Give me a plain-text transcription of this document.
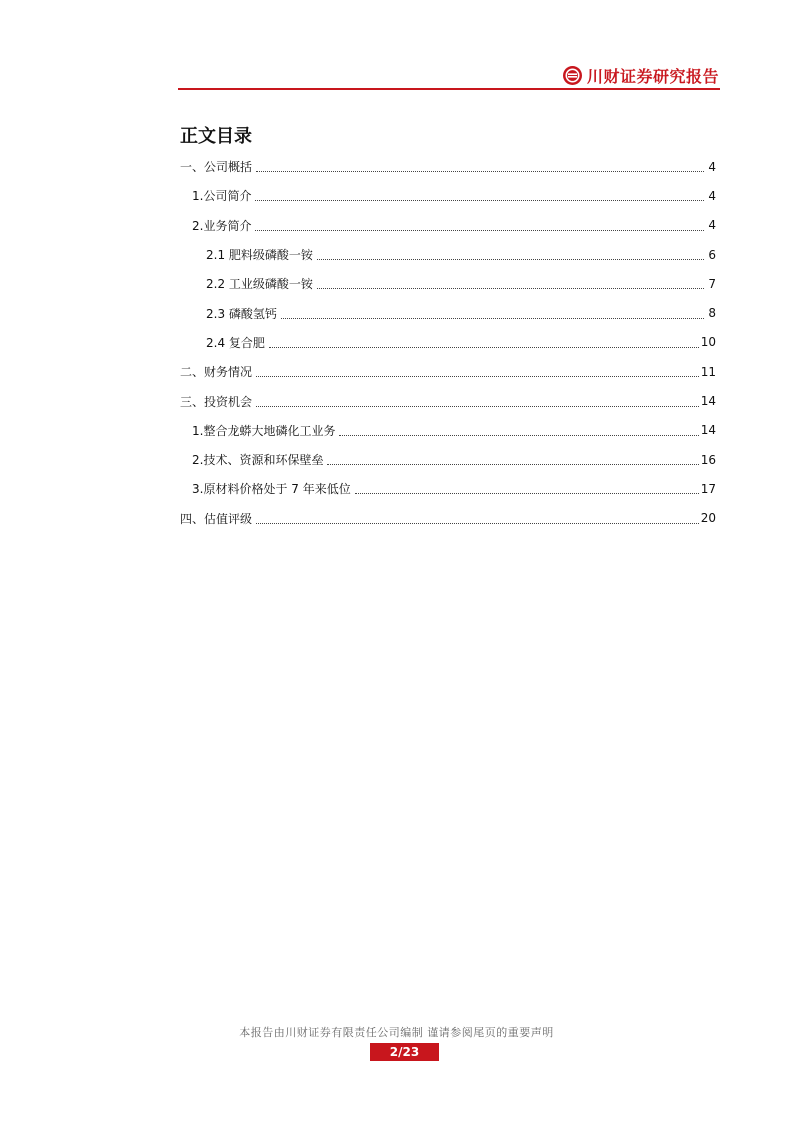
川财证券研究报告
正文目录
一、公司概括	4
1.公司简介	4
2.业务简介	4
2.1 肥料级磷酸一铵	6
2.2 工业级磷酸一铵	7
2.3 磷酸氢钙	8
2.4 复合肥	10
二、财务情况	11
三、投资机会	14
1.整合龙蟒大地磷化工业务	14
2.技术、资源和环保壁垒	16
3.原材料价格处于 7 年来低位	17
四、估值评级	20
本报告由川财证券有限责任公司编制 谨请参阅尾页的重要声明
2/23
